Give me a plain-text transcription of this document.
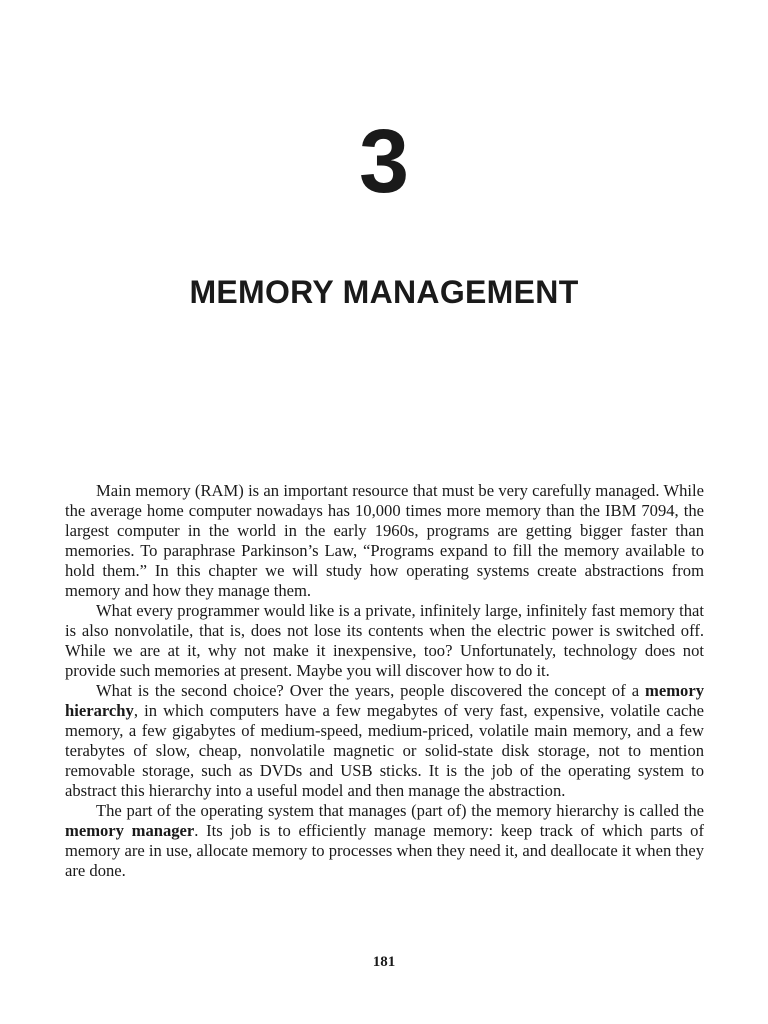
3
MEMORY MANAGEMENT

Main memory (RAM) is an important resource that must be very carefully managed. While the average home computer nowadays has 10,000 times more memory than the IBM 7094, the largest computer in the world in the early 1960s, programs are getting bigger faster than memories. To paraphrase Parkinson’s Law, “Programs expand to fill the memory available to hold them.” In this chapter we will study how operating systems create abstractions from memory and how they manage them.

What every programmer would like is a private, infinitely large, infinitely fast memory that is also nonvolatile, that is, does not lose its contents when the electric power is switched off. While we are at it, why not make it inexpensive, too? Unfortunately, technology does not provide such memories at present. Maybe you will discover how to do it.

What is the second choice? Over the years, people discovered the concept of a memory hierarchy, in which computers have a few megabytes of very fast, expensive, volatile cache memory, a few gigabytes of medium-speed, medium-priced, volatile main memory, and a few terabytes of slow, cheap, nonvolatile magnetic or solid-state disk storage, not to mention removable storage, such as DVDs and USB sticks. It is the job of the operating system to abstract this hierarchy into a useful model and then manage the abstraction.

The part of the operating system that manages (part of) the memory hierarchy is called the memory manager. Its job is to efficiently manage memory: keep track of which parts of memory are in use, allocate memory to processes when they need it, and deallocate it when they are done.

181
